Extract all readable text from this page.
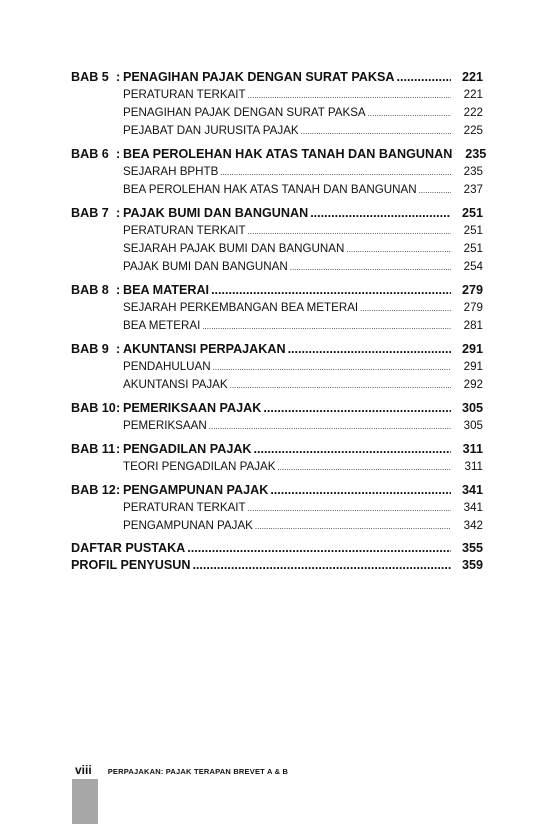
BAB 5 : PENAGIHAN PAJAK DENGAN SURAT PAKSA .....	221
PERATURAN TERKAIT .....	221
PENAGIHAN PAJAK DENGAN SURAT PAKSA .....	222
PEJABAT DAN JURUSITA PAJAK .....	225
BAB 6 : BEA PEROLEHAN HAK ATAS TANAH DAN BANGUNAN	235
SEJARAH BPHTB .....	235
BEA PEROLEHAN HAK ATAS TANAH DAN BANGUNAN .....	237
BAB 7 : PAJAK BUMI DAN BANGUNAN .....	251
PERATURAN TERKAIT .....	251
SEJARAH PAJAK BUMI DAN BANGUNAN .....	251
PAJAK BUMI DAN BANGUNAN .....	254
BAB 8 : BEA MATERAI .....	279
SEJARAH PERKEMBANGAN BEA METERAI .....	279
BEA METERAI .....	281
BAB 9 : AKUNTANSI PERPAJAKAN .....	291
PENDAHULUAN .....	291
AKUNTANSI PAJAK .....	292
BAB 10 : PEMERIKSAAN PAJAK .....	305
PEMERIKSAAN .....	305
BAB 11 : PENGADILAN PAJAK .....	311
TEORI PENGADILAN PAJAK .....	311
BAB 12 : PENGAMPUNAN PAJAK .....	341
PERATURAN TERKAIT .....	341
PENGAMPUNAN PAJAK .....	342
DAFTAR PUSTAKA .....	355
PROFIL PENYUSUN .....	359
viii PERPAJAKAN: PAJAK TERAPAN BREVET A & B
